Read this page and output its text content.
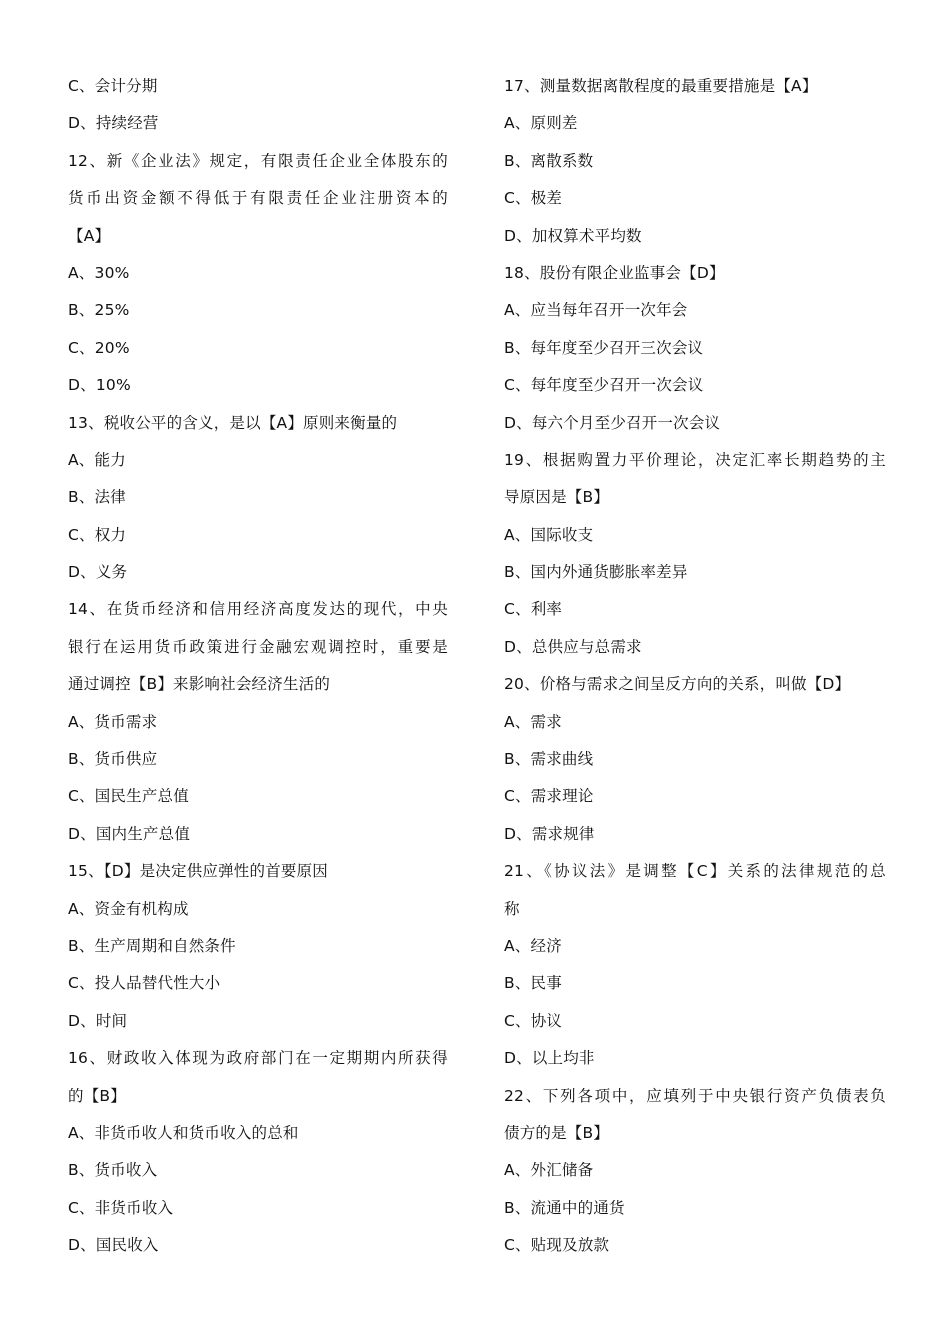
C、会计分期
D、持续经营
12、新《企业法》规定，有限责任企业全体股东的
货币出资金额不得低于有限责任企业注册资本的
【A】
A、30%
B、25%
C、20%
D、10%
13、税收公平的含义，是以【A】原则来衡量的
A、能力
B、法律
C、权力
D、义务
14、在货币经济和信用经济高度发达的现代，中央
银行在运用货币政策进行金融宏观调控时，重要是
通过调控【B】来影响社会经济生活的
A、货币需求
B、货币供应
C、国民生产总值
D、国内生产总值
15、【D】是决定供应弹性的首要原因
A、资金有机构成
B、生产周期和自然条件
C、投人品替代性大小
D、时间
16、财政收入体现为政府部门在一定期期内所获得
的【B】
A、非货币收人和货币收入的总和
B、货币收入
C、非货币收入
D、国民收入
17、测量数据离散程度的最重要措施是【A】
A、原则差
B、离散系数
C、极差
D、加权算术平均数
18、股份有限企业监事会【D】
A、应当每年召开一次年会
B、每年度至少召开三次会议
C、每年度至少召开一次会议
D、每六个月至少召开一次会议
19、根据购置力平价理论，决定汇率长期趋势的主
导原因是【B】
A、国际收支
B、国内外通货膨胀率差异
C、利率
D、总供应与总需求
20、价格与需求之间呈反方向的关系，叫做【D】
A、需求
B、需求曲线
C、需求理论
D、需求规律
21、《协议法》是调整【C】关系的法律规范的总
称
A、经济
B、民事
C、协议
D、以上均非
22、下列各项中，应填列于中央银行资产负债表负
债方的是【B】
A、外汇储备
B、流通中的通货
C、贴现及放款
